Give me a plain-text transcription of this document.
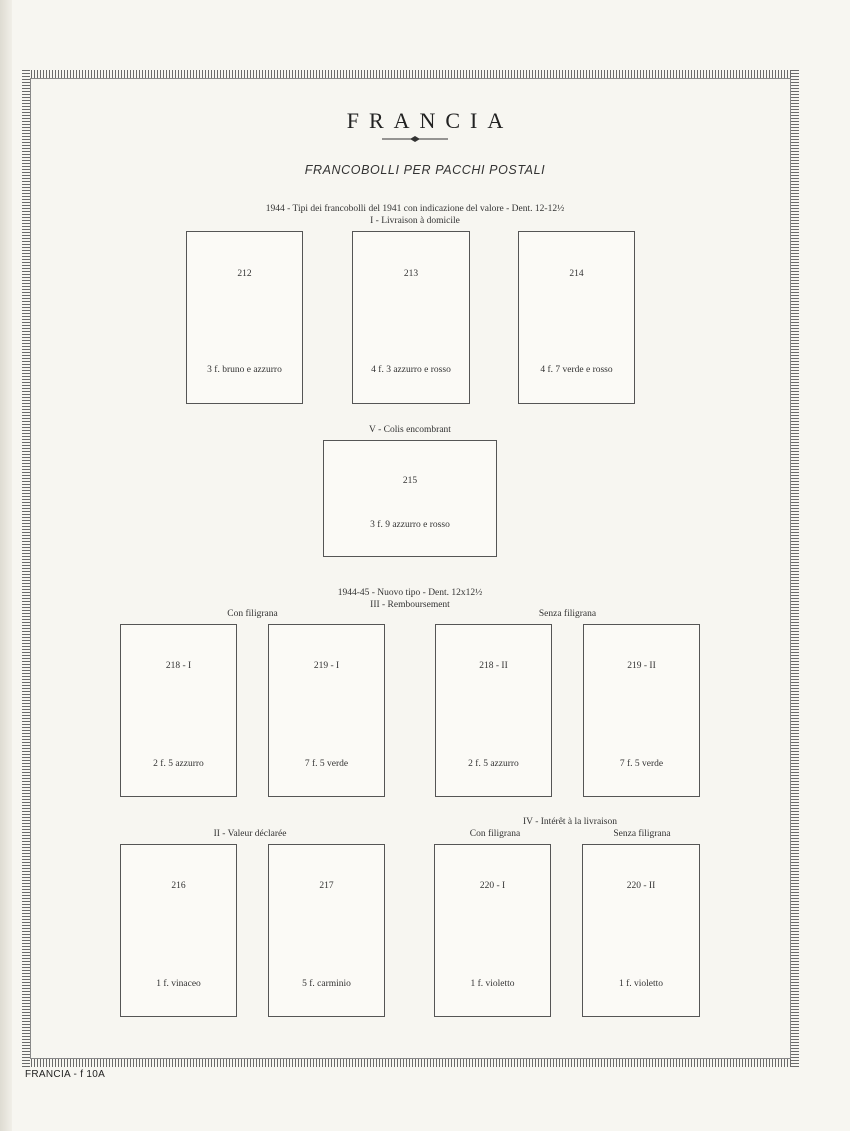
FRANCIA
FRANCOBOLLI PER PACCHI POSTALI
1944 - Tipi dei francobolli del 1941 con indicazione del valore - Dent. 12-12½
I - Livraison à domicile
212
3 f. bruno e azzurro
213
4 f. 3 azzurro e rosso
214
4 f. 7 verde e rosso
V - Colis encombrant
215
3 f. 9 azzurro e rosso
1944-45 - Nuovo tipo - Dent. 12x12½
III - Remboursement
Con filigrana	Senza filigrana
218 - I
2 f. 5 azzurro
219 - I
7 f. 5 verde
218 - II
2 f. 5 azzurro
219 - II
7 f. 5 verde
IV - Intérêt à la livraison
II - Valeur déclarée	Con filigrana	Senza filigrana
216
1 f. vinaceo
217
5 f. carminio
220 - I
1 f. violetto
220 - II
1 f. violetto
FRANCIA - f 10A
